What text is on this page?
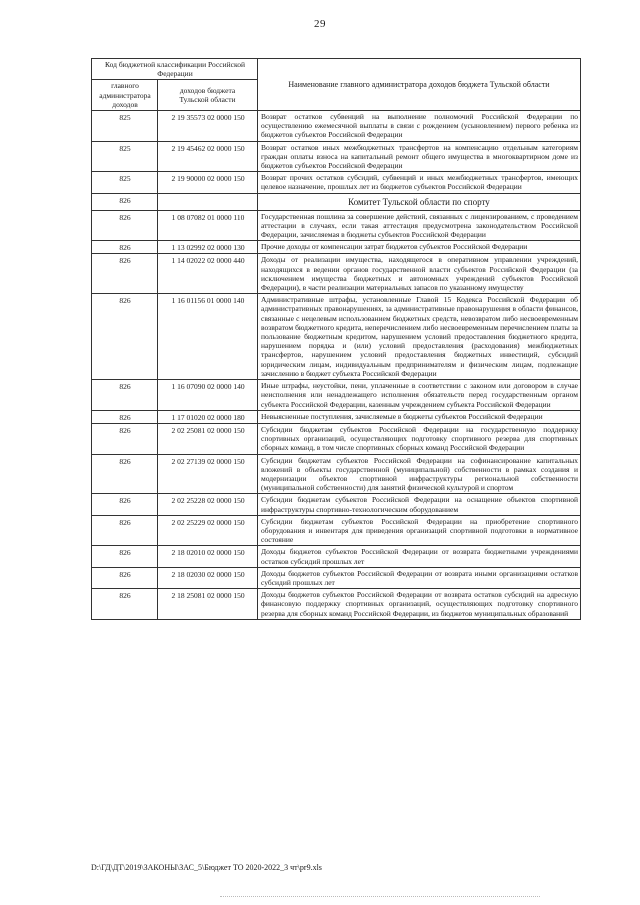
29
Код бюджетной классификации Российской Федерации		Наименование главного администратора доходов бюджета Тульской области
главного администратора доходов	доходов бюджета Тульской области	
825	2 19 35573 02 0000 150	Возврат остатков субвенций на выполнение полномочий Российской Федерации по осуществлению ежемесячной выплаты в связи с рождением (усыновлением) первого ребенка из бюджетов субъектов Российской Федерации
825	2 19 45462 02 0000 150	Возврат остатков иных межбюджетных трансфертов на компенсацию отдельным категориям граждан оплаты взноса на капитальный ремонт общего имущества в многоквартирном доме из бюджетов субъектов Российской Федерации
825	2 19 90000 02 0000 150	Возврат прочих остатков субсидий, субвенций и иных межбюджетных трансфертов, имеющих целевое назначение, прошлых лет из бюджетов субъектов Российской Федерации
826		Комитет Тульской области по спорту
826	1 08 07082 01 0000 110	Государственная пошлина за совершение действий, связанных с лицензированием, с проведением аттестации в случаях, если такая аттестация предусмотрена законодательством Российской Федерации, зачисляемая в бюджеты субъектов Российской Федерации
826	1 13 02992 02 0000 130	Прочие доходы от компенсации затрат бюджетов субъектов Российской Федерации
826	1 14 02022 02 0000 440	Доходы от реализации имущества, находящегося в оперативном управлении учреждений, находящихся в ведении органов государственной власти субъектов Российской Федерации (за исключением имущества бюджетных и автономных учреждений субъектов Российской Федерации), в части реализации материальных запасов по указанному имуществу
826	1 16 01156 01 0000 140	Административные штрафы, установленные Главой 15 Кодекса Российской Федерации об административных правонарушениях, за административные правонарушения в области финансов, связанные с нецелевым использованием бюджетных средств, невозвратом либо несвоевременным возвратом бюджетного кредита, неперечислением либо несвоевременным перечислением платы за пользование бюджетным кредитом, нарушением условий предоставления бюджетного кредита, нарушением порядка и (или) условий предоставления (расходования) межбюджетных трансфертов, нарушением условий предоставления бюджетных инвестиций, субсидий юридическим лицам, индивидуальным предпринимателям и физическим лицам, подлежащие зачислению в бюджет субъекта Российской Федерации
826	1 16 07090 02 0000 140	Иные штрафы, неустойки, пени, уплаченные в соответствии с законом или договором в случае неисполнения или ненадлежащего исполнения обязательств перед государственным органом субъекта Российской Федерации, казенным учреждением субъекта Российской Федерации
826	1 17 01020 02 0000 180	Невыясненные поступления, зачисляемые в бюджеты субъектов Российской Федерации
826	2 02 25081 02 0000 150	Субсидии бюджетам субъектов Российской Федерации на государственную поддержку спортивных организаций, осуществляющих подготовку спортивного резерва для спортивных сборных команд, в том числе спортивных сборных команд Российской Федерации
826	2 02 27139 02 0000 150	Субсидии бюджетам субъектов Российской Федерации на софинансирование капитальных вложений в объекты государственной (муниципальной) собственности в рамках создания и модернизации объектов спортивной инфраструктуры региональной собственности (муниципальной собственности) для занятий физической культурой и спортом
826	2 02 25228 02 0000 150	Субсидии бюджетам субъектов Российской Федерации на оснащение объектов спортивной инфраструктуры спортивно-технологическим оборудованием
826	2 02 25229 02 0000 150	Субсидии бюджетам субъектов Российской Федерации на приобретение спортивного оборудования и инвентаря для приведения организаций спортивной подготовки в нормативное состояние
826	2 18 02010 02 0000 150	Доходы бюджетов субъектов Российской Федерации от возврата бюджетными учреждениями остатков субсидий прошлых лет
826	2 18 02030 02 0000 150	Доходы бюджетов субъектов Российской Федерации от возврата иными организациями остатков субсидий прошлых лет
826	2 18 25081 02 0000 150	Доходы бюджетов субъектов Российской Федерации от возврата остатков субсидий на адресную финансовую поддержку спортивных организаций, осуществляющих подготовку спортивного резерва для сборных команд Российской Федерации, из бюджетов муниципальных образований
D:\ГД\ДТ\2019\ЗАКОНЫ\ЗАС_5\Бюджет ТО 2020-2022_3 чт\pr9.xls
